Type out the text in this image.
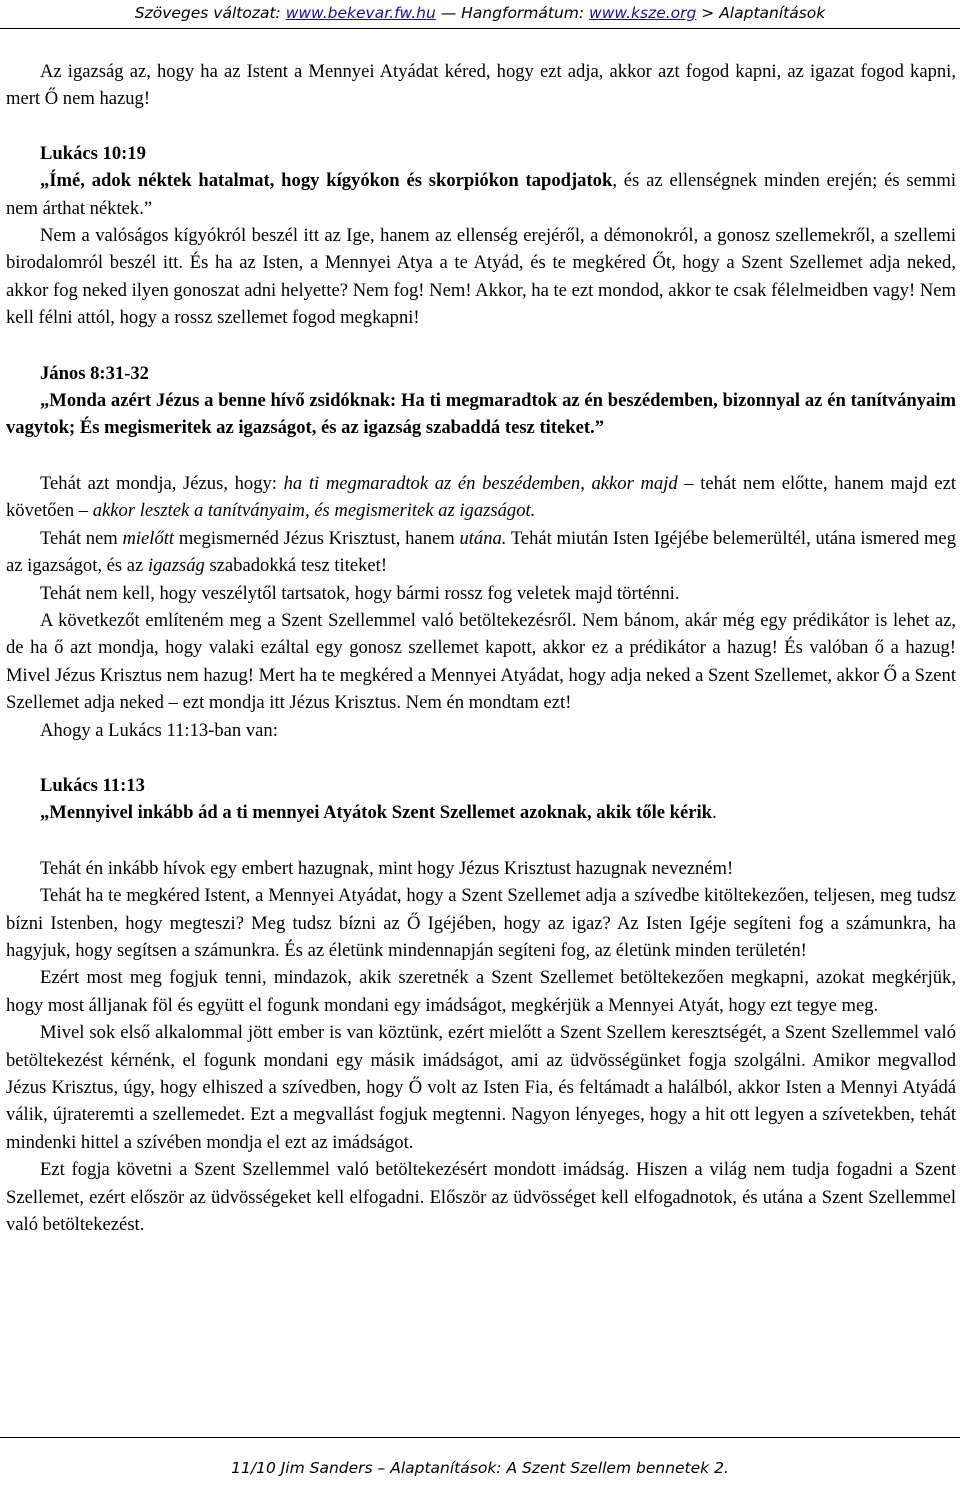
Szöveges változat: www.bekevar.fw.hu — Hangformátum: www.ksze.org > Alaptanítások

Az igazság az, hogy ha az Istent a Mennyei Atyádat kéred, hogy ezt adja, akkor azt fogod kapni, az igazat fogod kapni, mert Ő nem hazug!

Lukács 10:19

„Ímé, adok néktek hatalmat, hogy kígyókon és skorpiókon tapodjatok, és az ellenségnek minden erején; és semmi nem árthat néktek.”

Nem a valóságos kígyókról beszél itt az Ige, hanem az ellenség erejéről, a démonokról, a gonosz szellemekről, a szellemi birodalomról beszél itt. És ha az Isten, a Mennyei Atya a te Atyád, és te megkéred Őt, hogy a Szent Szellemet adja neked, akkor fog neked ilyen gonoszat adni helyette? Nem fog! Nem! Akkor, ha te ezt mondod, akkor te csak félelmeidben vagy! Nem kell félni attól, hogy a rossz szellemet fogod megkapni!

János 8:31-32

„Monda azért Jézus a benne hívő zsidóknak: Ha ti megmaradtok az én beszédemben, bizonnyal az én tanítványaim vagytok; És megismeritek az igazságot, és az igazság szabaddá tesz titeket.”

Tehát azt mondja, Jézus, hogy: ha ti megmaradtok az én beszédemben, akkor majd – tehát nem előtte, hanem majd ezt követően – akkor lesztek a tanítványaim, és megismeritek az igazságot.

Tehát nem mielőtt megismernéd Jézus Krisztust, hanem utána. Tehát miután Isten Igéjébe belemerültél, utána ismered meg az igazságot, és az igazság szabadokká tesz titeket!

Tehát nem kell, hogy veszélytől tartsatok, hogy bármi rossz fog veletek majd történni.

A következőt említeném meg a Szent Szellemmel való betöltekezésről. Nem bánom, akár még egy prédikátor is lehet az, de ha ő azt mondja, hogy valaki ezáltal egy gonosz szellemet kapott, akkor ez a prédikátor a hazug! És valóban ő a hazug! Mivel Jézus Krisztus nem hazug! Mert ha te megkéred a Mennyei Atyádat, hogy adja neked a Szent Szellemet, akkor Ő a Szent Szellemet adja neked – ezt mondja itt Jézus Krisztus. Nem én mondtam ezt!

Ahogy a Lukács 11:13-ban van:

Lukács 11:13

„Mennyivel inkább ád a ti mennyei Atyátok Szent Szellemet azoknak, akik tőle kérik.

Tehát én inkább hívok egy embert hazugnak, mint hogy Jézus Krisztust hazugnak nevezném!

Tehát ha te megkéred Istent, a Mennyei Atyádat, hogy a Szent Szellemet adja a szívedbe kitöltekezően, teljesen, meg tudsz bízni Istenben, hogy megteszi? Meg tudsz bízni az Ő Igéjében, hogy az igaz? Az Isten Igéje segíteni fog a számunkra, ha hagyjuk, hogy segítsen a számunkra. És az életünk mindennapján segíteni fog, az életünk minden területén!

Ezért most meg fogjuk tenni, mindazok, akik szeretnék a Szent Szellemet betöltekezően megkapni, azokat megkérjük, hogy most álljanak föl és együtt el fogunk mondani egy imádságot, megkérjük a Mennyei Atyát, hogy ezt tegye meg.

Mivel sok első alkalommal jött ember is van köztünk, ezért mielőtt a Szent Szellem keresztségét, a Szent Szellemmel való betöltekezést kérnénk, el fogunk mondani egy másik imádságot, ami az üdvösségünket fogja szolgálni. Amikor megvallod Jézus Krisztus, úgy, hogy elhiszed a szívedben, hogy Ő volt az Isten Fia, és feltámadt a halálból, akkor Isten a Mennyi Atyádá válik, újrateremti a szellemedet. Ezt a megvallást fogjuk megtenni. Nagyon lényeges, hogy a hit ott legyen a szívetekben, tehát mindenki hittel a szívében mondja el ezt az imádságot.

Ezt fogja követni a Szent Szellemmel való betöltekezésért mondott imádság. Hiszen a világ nem tudja fogadni a Szent Szellemet, ezért először az üdvösségeket kell elfogadni. Először az üdvösséget kell elfogadnotok, és utána a Szent Szellemmel való betöltekezést.

11/10 Jim Sanders – Alaptanítások: A Szent Szellem bennetek 2.
